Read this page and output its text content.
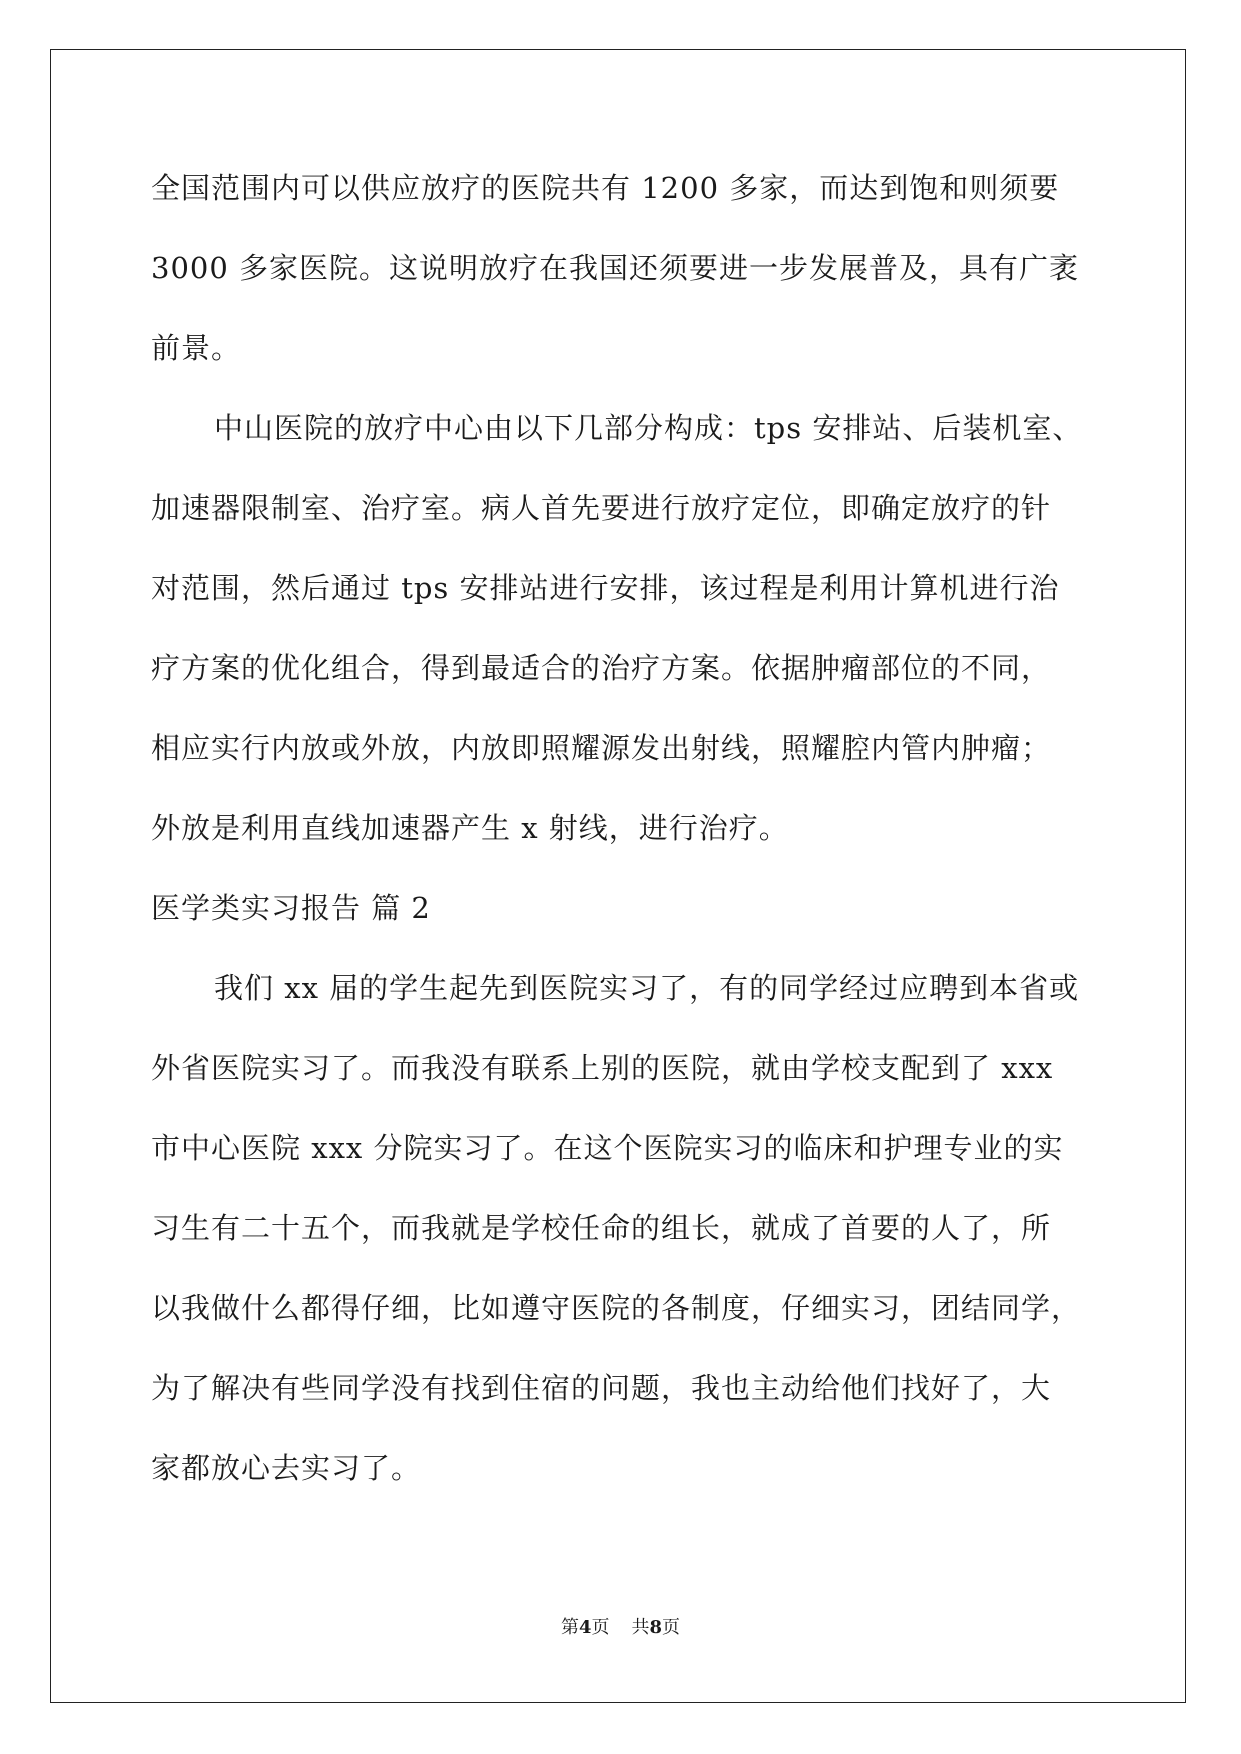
全国范围内可以供应放疗的医院共有 1200 多家，而达到饱和则须要
3000 多家医院。这说明放疗在我国还须要进一步发展普及，具有广袤
前景。
中山医院的放疗中心由以下几部分构成：tps 安排站、后装机室、
加速器限制室、治疗室。病人首先要进行放疗定位，即确定放疗的针
对范围，然后通过 tps 安排站进行安排，该过程是利用计算机进行治
疗方案的优化组合，得到最适合的治疗方案。依据肿瘤部位的不同，
相应实行内放或外放，内放即照耀源发出射线，照耀腔内管内肿瘤；
外放是利用直线加速器产生 x 射线，进行治疗。
医学类实习报告 篇 2
我们 xx 届的学生起先到医院实习了，有的同学经过应聘到本省或
外省医院实习了。而我没有联系上别的医院，就由学校支配到了 xxx
市中心医院 xxx 分院实习了。在这个医院实习的临床和护理专业的实
习生有二十五个，而我就是学校任命的组长，就成了首要的人了，所
以我做什么都得仔细，比如遵守医院的各制度，仔细实习，团结同学，
为了解决有些同学没有找到住宿的问题，我也主动给他们找好了，大
家都放心去实习了。
第4页 共8页
